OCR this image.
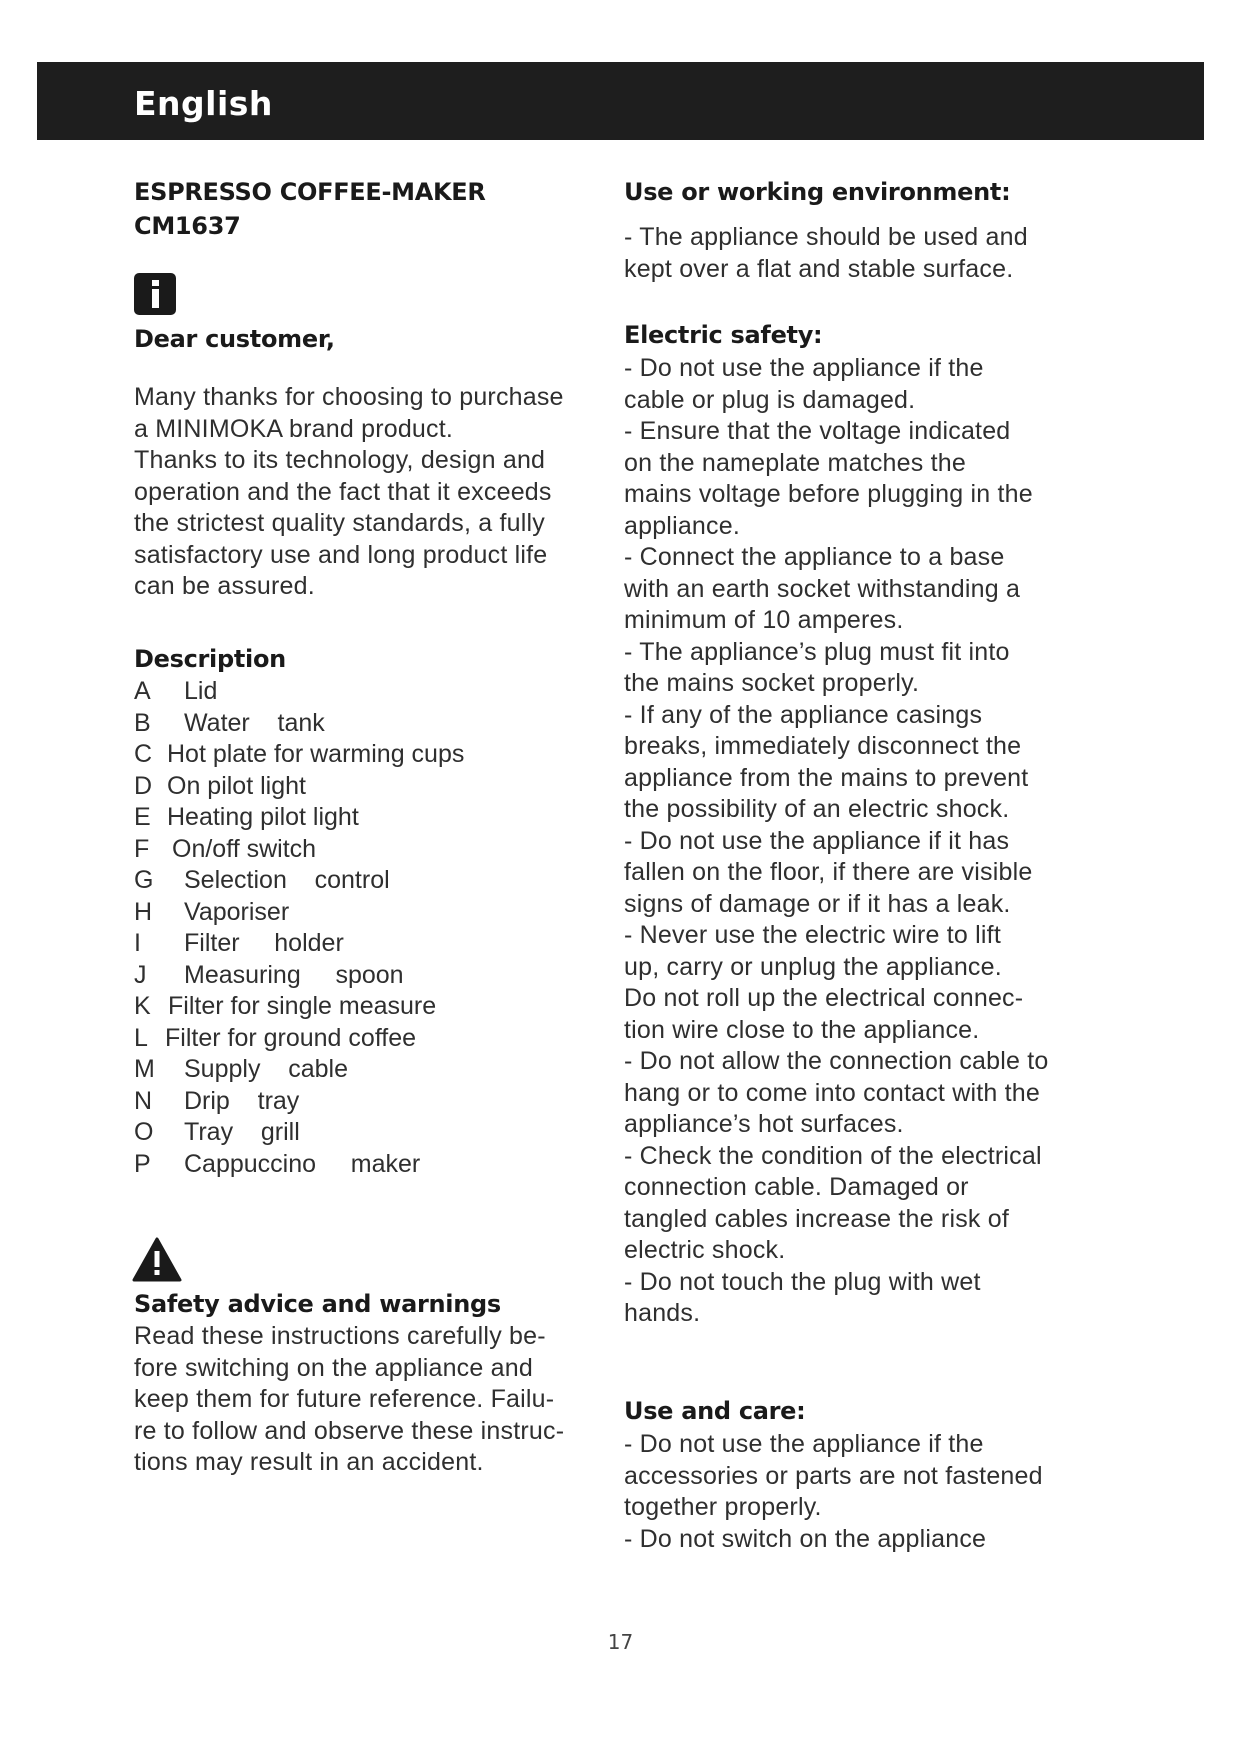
English
ESPRESSO COFFEE-MAKER
CM1637
Dear customer,
Many thanks for choosing to purchase
a MINIMOKA brand product.
Thanks to its technology, design and
operation and the fact that it exceeds
the strictest quality standards, a fully
satisfactory use and long product life
can be assured.
Description
A Lid
B Water    tank
C Hot plate for warming cups
D On pilot light
E Heating pilot light
F On/off switch
G Selection    control
H Vaporiser
I Filter     holder
J Measuring     spoon
K Filter for single measure
L Filter for ground coffee
M Supply    cable
N Drip    tray
O Tray    grill
P Cappuccino     maker
Safety advice and warnings
Read these instructions carefully be-
fore switching on the appliance and
keep them for future reference. Failu-
re to follow and observe these instruc-
tions may result in an accident.
Use or working environment:
- The appliance should be used and
kept over a flat and stable surface.
Electric safety:
- Do not use the appliance if the
cable or plug is damaged.
- Ensure that the voltage indicated
on the nameplate matches the
mains voltage before plugging in the
appliance.
- Connect the appliance to a base
with an earth socket withstanding a
minimum of 10 amperes.
- The appliance’s plug must fit into
the mains socket properly.
- If any of the appliance casings
breaks, immediately disconnect the
appliance from the mains to prevent
the possibility of an electric shock.
- Do not use the appliance if it has
fallen on the floor, if there are visible
signs of damage or if it has a leak.
- Never use the electric wire to lift
up, carry or unplug the appliance.
Do not roll up the electrical connec-
tion wire close to the appliance.
- Do not allow the connection cable to
hang or to come into contact with the
appliance’s hot surfaces.
- Check the condition of the electrical
connection cable. Damaged or
tangled cables increase the risk of
electric shock.
- Do not touch the plug with wet
hands.
Use and care:
- Do not use the appliance if the
accessories or parts are not fastened
together properly.
- Do not switch on the appliance
17
